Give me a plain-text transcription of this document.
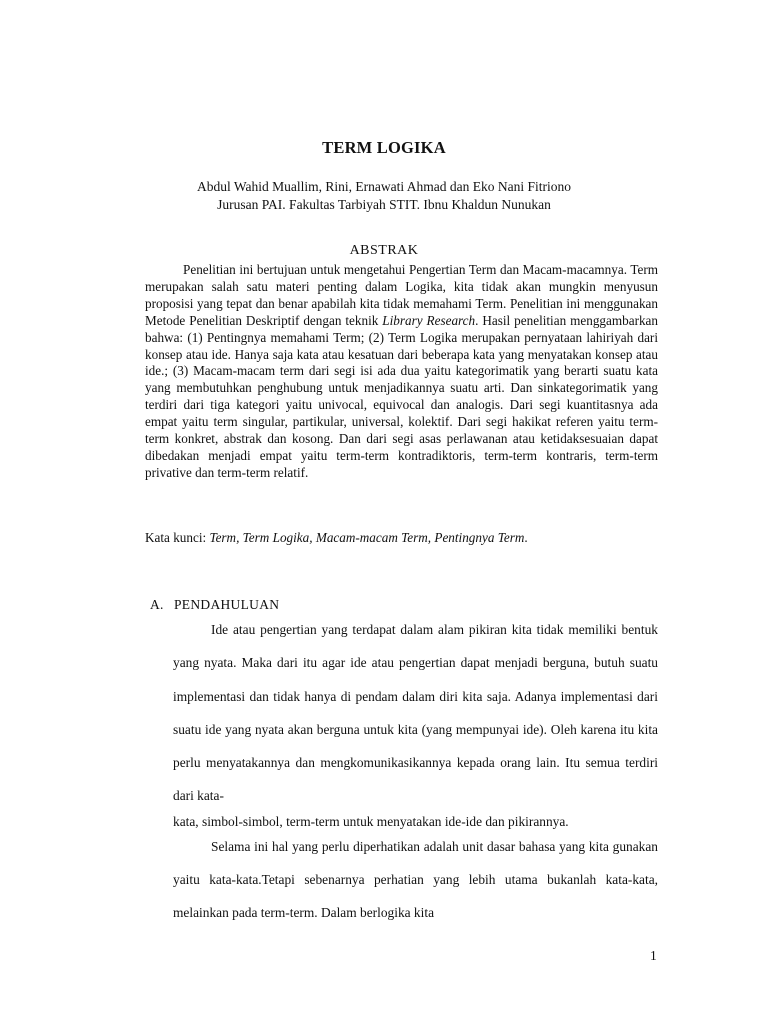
TERM LOGIKA
Abdul Wahid Muallim, Rini, Ernawati Ahmad dan Eko Nani Fitriono
Jurusan PAI. Fakultas Tarbiyah STIT. Ibnu Khaldun Nunukan
ABSTRAK

Penelitian ini bertujuan untuk mengetahui Pengertian Term dan Macam-macamnya. Term merupakan salah satu materi penting dalam Logika, kita tidak akan mungkin menyusun proposisi yang tepat dan benar apabilah kita tidak memahami Term. Penelitian ini menggunakan Metode Penelitian Deskriptif dengan teknik Library Research. Hasil penelitian menggambarkan bahwa: (1) Pentingnya memahami Term; (2) Term Logika merupakan pernyataan lahiriyah dari konsep atau ide. Hanya saja kata atau kesatuan dari beberapa kata yang menyatakan konsep atau ide.; (3) Macam-macam term dari segi isi ada dua yaitu kategorimatik yang berarti suatu kata yang membutuhkan penghubung untuk menjadikannya suatu arti. Dan sinkategorimatik yang terdiri dari tiga kategori yaitu univocal, equivocal dan analogis. Dari segi kuantitasnya ada empat yaitu term singular, partikular, universal, kolektif. Dari segi hakikat referen yaitu term-term konkret, abstrak dan kosong. Dan dari segi asas perlawanan atau ketidaksesuaian dapat dibedakan menjadi empat yaitu term-term kontradiktoris, term-term kontraris, term-term privative dan term-term relatif.

Kata kunci: Term, Term Logika, Macam-macam Term, Pentingnya Term.
A. PENDAHULUAN

Ide atau pengertian yang terdapat dalam alam pikiran kita tidak memiliki bentuk yang nyata. Maka dari itu agar ide atau pengertian dapat menjadi berguna, butuh suatu implementasi dan tidak hanya di pendam dalam diri kita saja. Adanya implementasi dari suatu ide yang nyata akan berguna untuk kita (yang mempunyai ide). Oleh karena itu kita perlu menyatakannya dan mengkomunikasikannya kepada orang lain. Itu semua terdiri dari kata-

kata, simbol-simbol, term-term untuk menyatakan ide-ide dan pikirannya.

Selama ini hal yang perlu diperhatikan adalah unit dasar bahasa yang kita gunakan yaitu kata-kata.Tetapi sebenarnya perhatian yang lebih utama bukanlah kata-kata, melainkan pada term-term. Dalam berlogika kita

1
